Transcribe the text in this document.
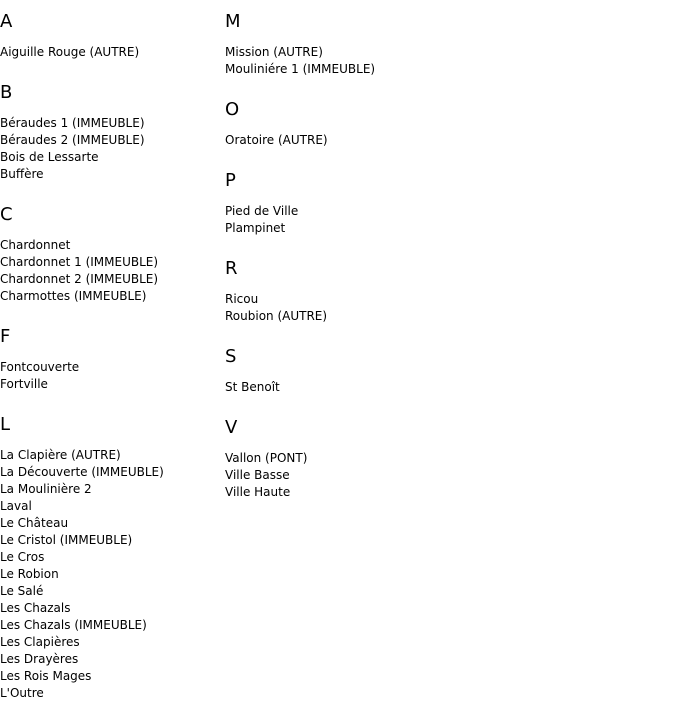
A
Aiguille Rouge (AUTRE)
B
Béraudes 1 (IMMEUBLE)
Béraudes 2 (IMMEUBLE)
Bois de Lessarte
Buffère
C
Chardonnet
Chardonnet 1 (IMMEUBLE)
Chardonnet 2 (IMMEUBLE)
Charmottes (IMMEUBLE)
F
Fontcouverte
Fortville
L
La Clapière (AUTRE)
La Découverte (IMMEUBLE)
La Moulinière 2
Laval
Le Château
Le Cristol (IMMEUBLE)
Le Cros
Le Robion
Le Salé
Les Chazals
Les Chazals (IMMEUBLE)
Les Clapières
Les Drayères
Les Rois Mages
L'Outre
M
Mission (AUTRE)
Mouliniére 1 (IMMEUBLE)
O
Oratoire (AUTRE)
P
Pied de Ville
Plampinet
R
Ricou
Roubion (AUTRE)
S
St Benoît
V
Vallon (PONT)
Ville Basse
Ville Haute
